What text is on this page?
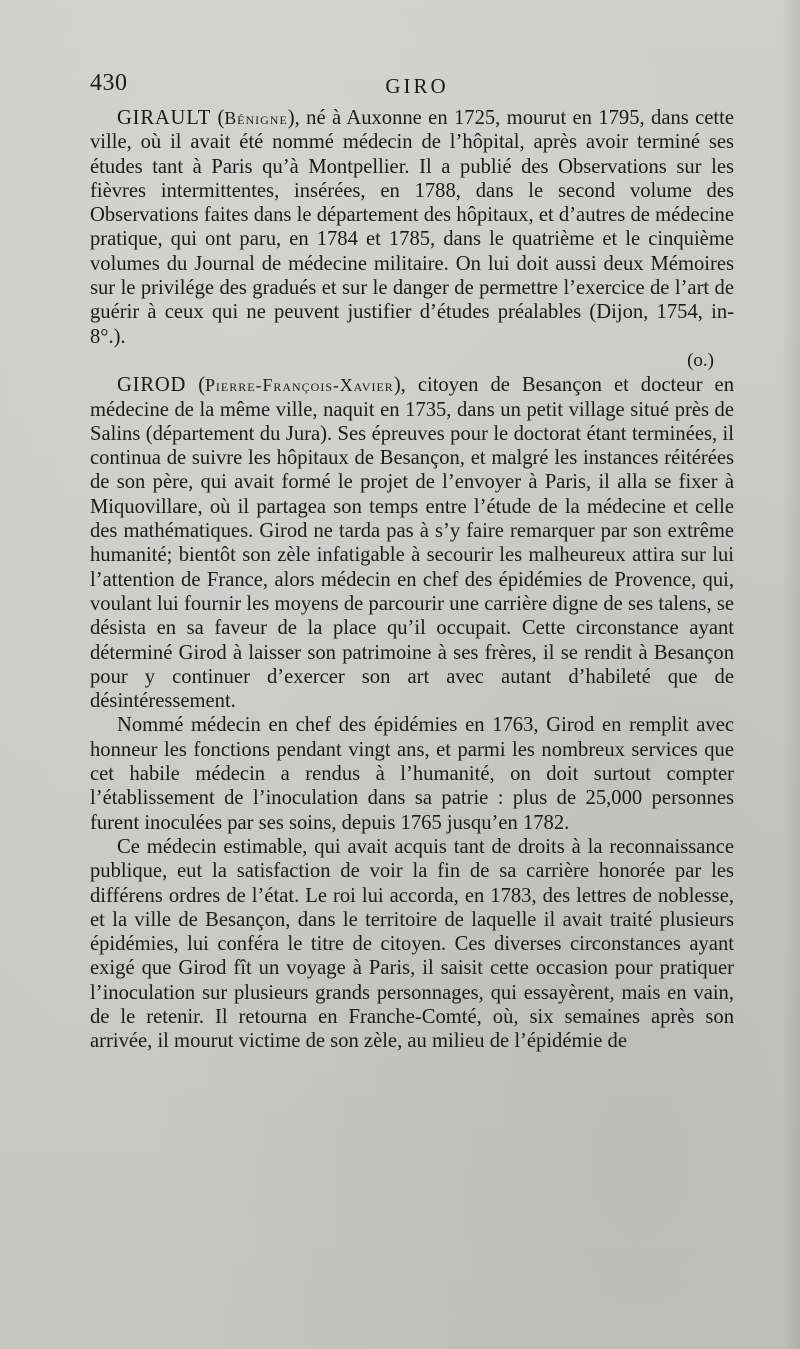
430	GIRO

GIRAULT (Bénigne), né à Auxonne en 1725, mourut en 1795, dans cette ville, où il avait été nommé médecin de l’hôpital, après avoir terminé ses études tant à Paris qu’à Montpellier. Il a publié des Observations sur les fièvres intermittentes, insérées, en 1788, dans le second volume des Observations faites dans le département des hôpitaux, et d’autres de médecine pratique, qui ont paru, en 1784 et 1785, dans le quatrième et le cinquième volumes du Journal de médecine militaire. On lui doit aussi deux Mémoires sur le privilége des gradués et sur le danger de permettre l’exercice de l’art de guérir à ceux qui ne peuvent justifier d’études préalables (Dijon, 1754, in-8°.).

(o.)

GIROD (Pierre-François-Xavier), citoyen de Besançon et docteur en médecine de la même ville, naquit en 1735, dans un petit village situé près de Salins (département du Jura). Ses épreuves pour le doctorat étant terminées, il continua de suivre les hôpitaux de Besançon, et malgré les instances réitérées de son père, qui avait formé le projet de l’envoyer à Paris, il alla se fixer à Miquovillare, où il partagea son temps entre l’étude de la médecine et celle des mathématiques. Girod ne tarda pas à s’y faire remarquer par son extrême humanité; bientôt son zèle infatigable à secourir les malheureux attira sur lui l’attention de France, alors médecin en chef des épidémies de Provence, qui, voulant lui fournir les moyens de parcourir une carrière digne de ses talens, se désista en sa faveur de la place qu’il occupait. Cette circonstance ayant déterminé Girod à laisser son patrimoine à ses frères, il se rendit à Besançon pour y continuer d’exercer son art avec autant d’habileté que de désintéressement.

Nommé médecin en chef des épidémies en 1763, Girod en remplit avec honneur les fonctions pendant vingt ans, et parmi les nombreux services que cet habile médecin a rendus à l’humanité, on doit surtout compter l’établissement de l’inoculation dans sa patrie : plus de 25,000 personnes furent inoculées par ses soins, depuis 1765 jusqu’en 1782.

Ce médecin estimable, qui avait acquis tant de droits à la reconnaissance publique, eut la satisfaction de voir la fin de sa carrière honorée par les différens ordres de l’état. Le roi lui accorda, en 1783, des lettres de noblesse, et la ville de Besançon, dans le territoire de laquelle il avait traité plusieurs épidémies, lui conféra le titre de citoyen. Ces diverses circonstances ayant exigé que Girod fît un voyage à Paris, il saisit cette occasion pour pratiquer l’inoculation sur plusieurs grands personnages, qui essayèrent, mais en vain, de le retenir. Il retourna en Franche-Comté, où, six semaines après son arrivée, il mourut victime de son zèle, au milieu de l’épidémie de
